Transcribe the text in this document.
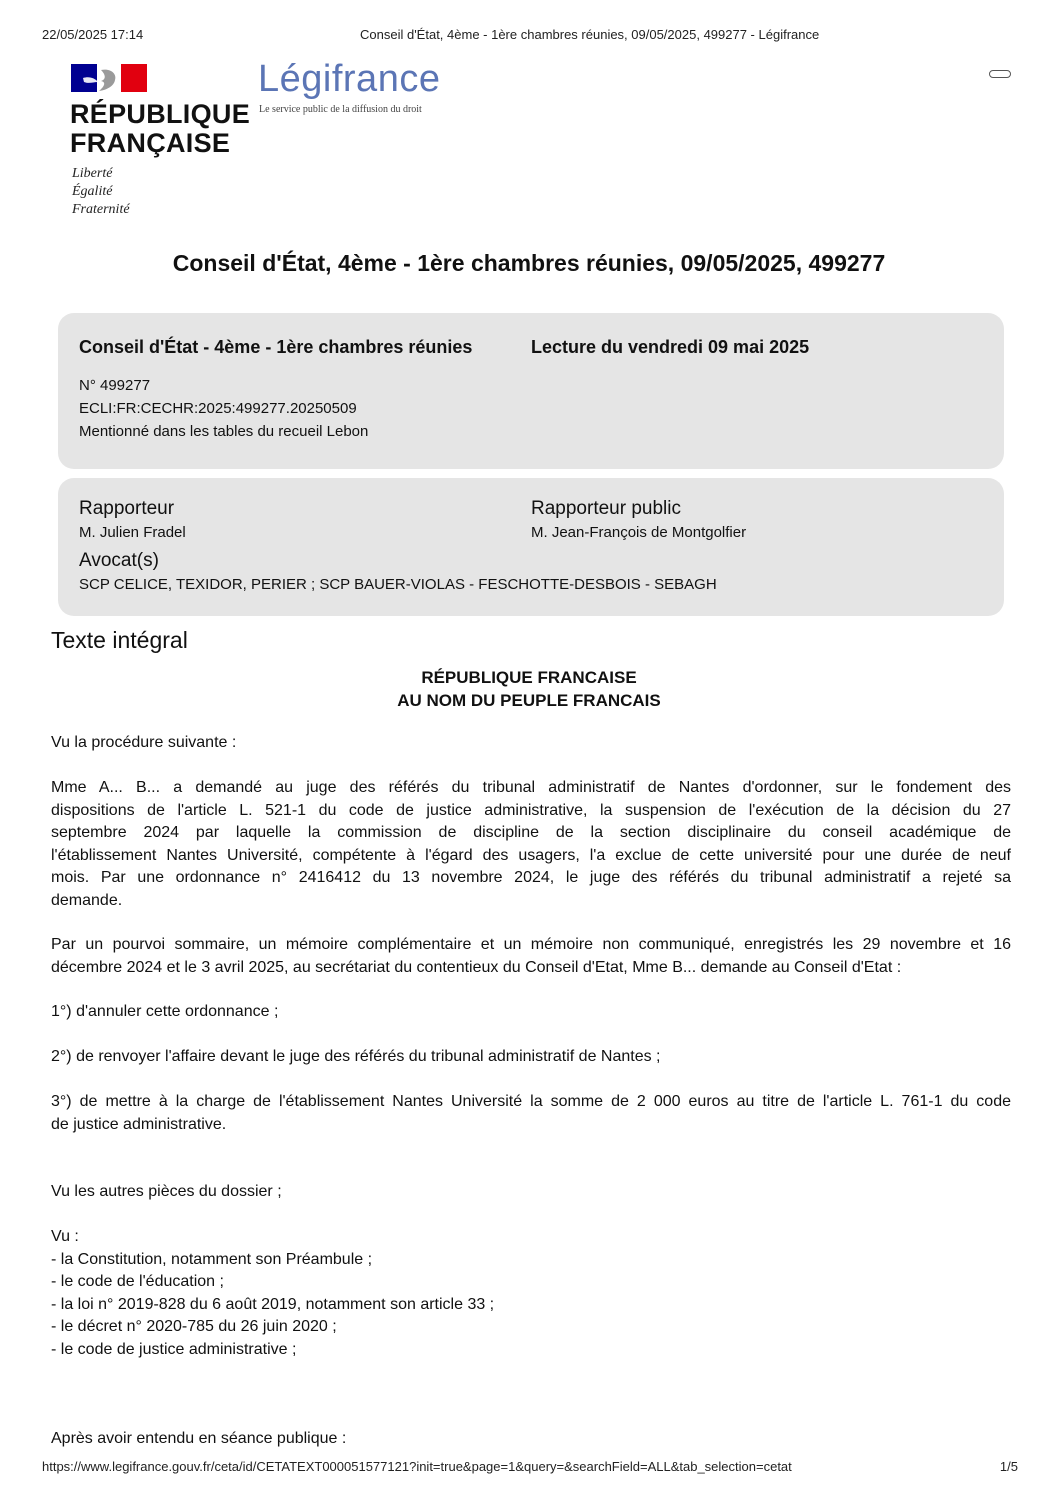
22/05/2025 17:14	Conseil d'État, 4ème - 1ère chambres réunies, 09/05/2025, 499277 - Légifrance
RÉPUBLIQUE
FRANÇAISE
Liberté
Égalité
Fraternité
Légifrance
Le service public de la diffusion du droit
Conseil d'État, 4ème - 1ère chambres réunies, 09/05/2025, 499277
Conseil d'État - 4ème - 1ère chambres réunies	Lecture du vendredi 09 mai 2025
N° 499277
ECLI:FR:CECHR:2025:499277.20250509
Mentionné dans les tables du recueil Lebon
Rapporteur
M. Julien Fradel
Rapporteur public
M. Jean-François de Montgolfier
Avocat(s)
SCP CELICE, TEXIDOR, PERIER ; SCP BAUER-VIOLAS - FESCHOTTE-DESBOIS - SEBAGH
Texte intégral
RÉPUBLIQUE FRANCAISE
AU NOM DU PEUPLE FRANCAIS
Vu la procédure suivante :
Mme A... B... a demandé au juge des référés du tribunal administratif de Nantes d'ordonner, sur le fondement des
dispositions de l'article L. 521-1 du code de justice administrative, la suspension de l'exécution de la décision du 27
septembre 2024 par laquelle la commission de discipline de la section disciplinaire du conseil académique de
l'établissement Nantes Université, compétente à l'égard des usagers, l'a exclue de cette université pour une durée de neuf
mois. Par une ordonnance n° 2416412 du 13 novembre 2024, le juge des référés du tribunal administratif a rejeté sa
demande.
Par un pourvoi sommaire, un mémoire complémentaire et un mémoire non communiqué, enregistrés les 29 novembre et 16
décembre 2024 et le 3 avril 2025, au secrétariat du contentieux du Conseil d'Etat, Mme B... demande au Conseil d'Etat :
1°) d'annuler cette ordonnance ;
2°) de renvoyer l'affaire devant le juge des référés du tribunal administratif de Nantes ;
3°) de mettre à la charge de l'établissement Nantes Université la somme de 2 000 euros au titre de l'article L. 761-1 du code
de justice administrative.
Vu les autres pièces du dossier ;
Vu :
- la Constitution, notamment son Préambule ;
- le code de l'éducation ;
- la loi n° 2019-828 du 6 août 2019, notamment son article 33 ;
- le décret n° 2020-785 du 26 juin 2020 ;
- le code de justice administrative ;
Après avoir entendu en séance publique :
https://www.legifrance.gouv.fr/ceta/id/CETATEXT000051577121?init=true&page=1&query=&searchField=ALL&tab_selection=cetat	1/5
